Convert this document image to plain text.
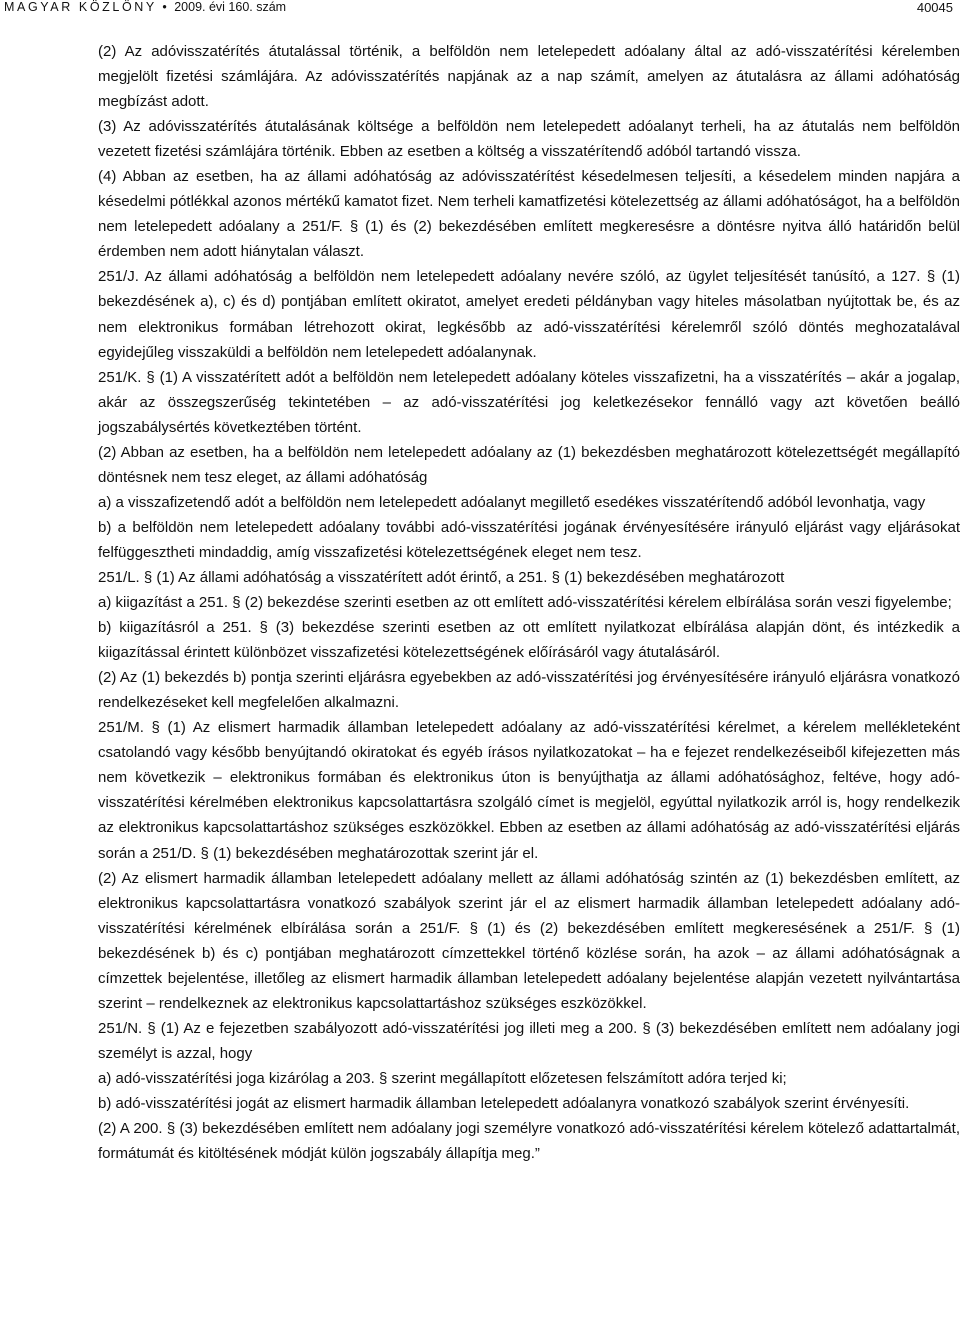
MAGYAR KÖZLÖNY • 2009. évi 160. szám	40045

(2) Az adóvisszatérítés átutalással történik, a belföldön nem letelepedett adóalany által az adó-visszatérítési kérelemben megjelölt fizetési számlájára. Az adóvisszatérítés napjának az a nap számít, amelyen az átutalásra az állami adóhatóság megbízást adott.

(3) Az adóvisszatérítés átutalásának költsége a belföldön nem letelepedett adóalanyt terheli, ha az átutalás nem belföldön vezetett fizetési számlájára történik. Ebben az esetben a költség a visszatérítendő adóból tartandó vissza.

(4) Abban az esetben, ha az állami adóhatóság az adóvisszatérítést késedelmesen teljesíti, a késedelem minden napjára a késedelmi pótlékkal azonos mértékű kamatot fizet. Nem terheli kamatfizetési kötelezettség az állami adóhatóságot, ha a belföldön nem letelepedett adóalany a 251/F. § (1) és (2) bekezdésében említett megkeresésre a döntésre nyitva álló határidőn belül érdemben nem adott hiánytalan választ.

251/J. Az állami adóhatóság a belföldön nem letelepedett adóalany nevére szóló, az ügylet teljesítését tanúsító, a 127. § (1) bekezdésének a), c) és d) pontjában említett okiratot, amelyet eredeti példányban vagy hiteles másolatban nyújtottak be, és az nem elektronikus formában létrehozott okirat, legkésőbb az adó-visszatérítési kérelemről szóló döntés meghozatalával egyidejűleg visszaküldi a belföldön nem letelepedett adóalanynak.

251/K. § (1) A visszatérített adót a belföldön nem letelepedett adóalany köteles visszafizetni, ha a visszatérítés – akár a jogalap, akár az összegszerűség tekintetében – az adó-visszatérítési jog keletkezésekor fennálló vagy azt követően beálló jogszabálysértés következtében történt.

(2) Abban az esetben, ha a belföldön nem letelepedett adóalany az (1) bekezdésben meghatározott kötelezettségét megállapító döntésnek nem tesz eleget, az állami adóhatóság

a) a visszafizetendő adót a belföldön nem letelepedett adóalanyt megillető esedékes visszatérítendő adóból levonhatja, vagy

b) a belföldön nem letelepedett adóalany további adó-visszatérítési jogának érvényesítésére irányuló eljárást vagy eljárásokat felfüggesztheti mindaddig, amíg visszafizetési kötelezettségének eleget nem tesz.

251/L. § (1) Az állami adóhatóság a visszatérített adót érintő, a 251. § (1) bekezdésében meghatározott

a) kiigazítást a 251. § (2) bekezdése szerinti esetben az ott említett adó-visszatérítési kérelem elbírálása során veszi figyelembe;

b) kiigazításról a 251. § (3) bekezdése szerinti esetben az ott említett nyilatkozat elbírálása alapján dönt, és intézkedik a kiigazítással érintett különbözet visszafizetési kötelezettségének előírásáról vagy átutalásáról.

(2) Az (1) bekezdés b) pontja szerinti eljárásra egyebekben az adó-visszatérítési jog érvényesítésére irányuló eljárásra vonatkozó rendelkezéseket kell megfelelően alkalmazni.

251/M. § (1) Az elismert harmadik államban letelepedett adóalany az adó-visszatérítési kérelmet, a kérelem mellékleteként csatolandó vagy később benyújtandó okiratokat és egyéb írásos nyilatkozatokat – ha e fejezet rendelkezéseiből kifejezetten más nem következik – elektronikus formában és elektronikus úton is benyújthatja az állami adóhatósághoz, feltéve, hogy adó-visszatérítési kérelmében elektronikus kapcsolattartásra szolgáló címet is megjelöl, egyúttal nyilatkozik arról is, hogy rendelkezik az elektronikus kapcsolattartáshoz szükséges eszközökkel. Ebben az esetben az állami adóhatóság az adó-visszatérítési eljárás során a 251/D. § (1) bekezdésében meghatározottak szerint jár el.

(2) Az elismert harmadik államban letelepedett adóalany mellett az állami adóhatóság szintén az (1) bekezdésben említett, az elektronikus kapcsolattartásra vonatkozó szabályok szerint jár el az elismert harmadik államban letelepedett adóalany adó-visszatérítési kérelmének elbírálása során a 251/F. § (1) és (2) bekezdésében említett megkeresésének a 251/F. § (1) bekezdésének b) és c) pontjában meghatározott címzettekkel történő közlése során, ha azok – az állami adóhatóságnak a címzettek bejelentése, illetőleg az elismert harmadik államban letelepedett adóalany bejelentése alapján vezetett nyilvántartása szerint – rendelkeznek az elektronikus kapcsolattartáshoz szükséges eszközökkel.

251/N. § (1) Az e fejezetben szabályozott adó-visszatérítési jog illeti meg a 200. § (3) bekezdésében említett nem adóalany jogi személyt is azzal, hogy

a) adó-visszatérítési joga kizárólag a 203. § szerint megállapított előzetesen felszámított adóra terjed ki;

b) adó-visszatérítési jogát az elismert harmadik államban letelepedett adóalanyra vonatkozó szabályok szerint érvényesíti.

(2) A 200. § (3) bekezdésében említett nem adóalany jogi személyre vonatkozó adó-visszatérítési kérelem kötelező adattartalmát, formátumát és kitöltésének módját külön jogszabály állapítja meg.”
